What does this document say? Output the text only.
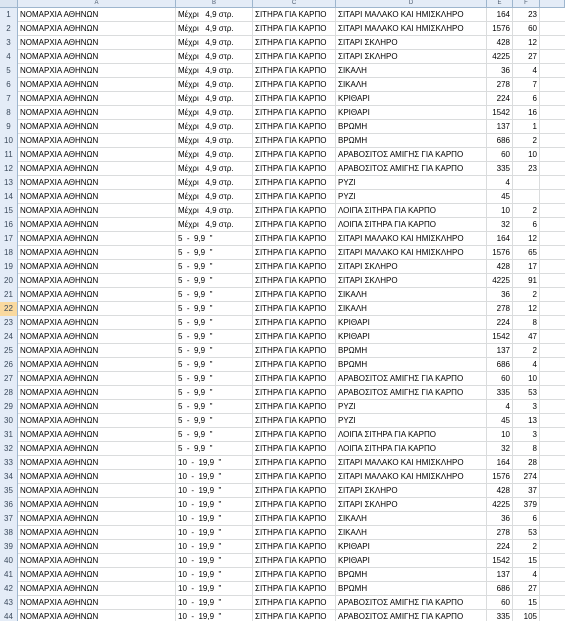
A	B	C	D	E	F
1	ΝΟΜΑΡΧΙΑ ΑΘΗΝΩΝ	Μέχρι   4,9 στρ.	ΣΙΤΗΡΑ ΓΙΑ ΚΑΡΠΟ	ΣΙΤΑΡΙ ΜΑΛΑΚΟ ΚΑΙ ΗΜΙΣΚΛΗΡΟ	164	23
2	ΝΟΜΑΡΧΙΑ ΑΘΗΝΩΝ	Μέχρι   4,9 στρ.	ΣΙΤΗΡΑ ΓΙΑ ΚΑΡΠΟ	ΣΙΤΑΡΙ ΜΑΛΑΚΟ ΚΑΙ ΗΜΙΣΚΛΗΡΟ	1576	60
3	ΝΟΜΑΡΧΙΑ ΑΘΗΝΩΝ	Μέχρι   4,9 στρ.	ΣΙΤΗΡΑ ΓΙΑ ΚΑΡΠΟ	ΣΙΤΑΡΙ ΣΚΛΗΡΟ	428	12
4	ΝΟΜΑΡΧΙΑ ΑΘΗΝΩΝ	Μέχρι   4,9 στρ.	ΣΙΤΗΡΑ ΓΙΑ ΚΑΡΠΟ	ΣΙΤΑΡΙ ΣΚΛΗΡΟ	4225	27
5	ΝΟΜΑΡΧΙΑ ΑΘΗΝΩΝ	Μέχρι   4,9 στρ.	ΣΙΤΗΡΑ ΓΙΑ ΚΑΡΠΟ	ΣΙΚΑΛΗ	36	4
6	ΝΟΜΑΡΧΙΑ ΑΘΗΝΩΝ	Μέχρι   4,9 στρ.	ΣΙΤΗΡΑ ΓΙΑ ΚΑΡΠΟ	ΣΙΚΑΛΗ	278	7
7	ΝΟΜΑΡΧΙΑ ΑΘΗΝΩΝ	Μέχρι   4,9 στρ.	ΣΙΤΗΡΑ ΓΙΑ ΚΑΡΠΟ	ΚΡΙΘΑΡΙ	224	6
8	ΝΟΜΑΡΧΙΑ ΑΘΗΝΩΝ	Μέχρι   4,9 στρ.	ΣΙΤΗΡΑ ΓΙΑ ΚΑΡΠΟ	ΚΡΙΘΑΡΙ	1542	16
9	ΝΟΜΑΡΧΙΑ ΑΘΗΝΩΝ	Μέχρι   4,9 στρ.	ΣΙΤΗΡΑ ΓΙΑ ΚΑΡΠΟ	ΒΡΩΜΗ	137	1
10 ΝΟΜΑΡΧΙΑ ΑΘΗΝΩΝ	Μέχρι   4,9 στρ.	ΣΙΤΗΡΑ ΓΙΑ ΚΑΡΠΟ	ΒΡΩΜΗ	686	2
11 ΝΟΜΑΡΧΙΑ ΑΘΗΝΩΝ	Μέχρι   4,9 στρ.	ΣΙΤΗΡΑ ΓΙΑ ΚΑΡΠΟ	ΑΡΑΒΟΣΙΤΟΣ ΑΜΙΓΗΣ ΓΙΑ ΚΑΡΠΟ	60	10
12 ΝΟΜΑΡΧΙΑ ΑΘΗΝΩΝ	Μέχρι   4,9 στρ.	ΣΙΤΗΡΑ ΓΙΑ ΚΑΡΠΟ	ΑΡΑΒΟΣΙΤΟΣ ΑΜΙΓΗΣ ΓΙΑ ΚΑΡΠΟ	335	23
13 ΝΟΜΑΡΧΙΑ ΑΘΗΝΩΝ	Μέχρι   4,9 στρ.	ΣΙΤΗΡΑ ΓΙΑ ΚΑΡΠΟ	ΡΥΖΙ	4
14 ΝΟΜΑΡΧΙΑ ΑΘΗΝΩΝ	Μέχρι   4,9 στρ.	ΣΙΤΗΡΑ ΓΙΑ ΚΑΡΠΟ	ΡΥΖΙ	45
15 ΝΟΜΑΡΧΙΑ ΑΘΗΝΩΝ	Μέχρι   4,9 στρ.	ΣΙΤΗΡΑ ΓΙΑ ΚΑΡΠΟ	ΛΟΙΠΑ ΣΙΤΗΡΑ ΓΙΑ ΚΑΡΠΟ	10	2
16 ΝΟΜΑΡΧΙΑ ΑΘΗΝΩΝ	Μέχρι   4,9 στρ.	ΣΙΤΗΡΑ ΓΙΑ ΚΑΡΠΟ	ΛΟΙΠΑ ΣΙΤΗΡΑ ΓΙΑ ΚΑΡΠΟ	32	6
17 ΝΟΜΑΡΧΙΑ ΑΘΗΝΩΝ	5  -  9,9  "	ΣΙΤΗΡΑ ΓΙΑ ΚΑΡΠΟ	ΣΙΤΑΡΙ ΜΑΛΑΚΟ ΚΑΙ ΗΜΙΣΚΛΗΡΟ	164	12
18 ΝΟΜΑΡΧΙΑ ΑΘΗΝΩΝ	5  -  9,9  "	ΣΙΤΗΡΑ ΓΙΑ ΚΑΡΠΟ	ΣΙΤΑΡΙ ΜΑΛΑΚΟ ΚΑΙ ΗΜΙΣΚΛΗΡΟ	1576	65
19 ΝΟΜΑΡΧΙΑ ΑΘΗΝΩΝ	5  -  9,9  "	ΣΙΤΗΡΑ ΓΙΑ ΚΑΡΠΟ	ΣΙΤΑΡΙ ΣΚΛΗΡΟ	428	17
20 ΝΟΜΑΡΧΙΑ ΑΘΗΝΩΝ	5  -  9,9  "	ΣΙΤΗΡΑ ΓΙΑ ΚΑΡΠΟ	ΣΙΤΑΡΙ ΣΚΛΗΡΟ	4225	91
21 ΝΟΜΑΡΧΙΑ ΑΘΗΝΩΝ	5  -  9,9  "	ΣΙΤΗΡΑ ΓΙΑ ΚΑΡΠΟ	ΣΙΚΑΛΗ	36	2
22 ΝΟΜΑΡΧΙΑ ΑΘΗΝΩΝ	5  -  9,9  "	ΣΙΤΗΡΑ ΓΙΑ ΚΑΡΠΟ	ΣΙΚΑΛΗ	278	12
23 ΝΟΜΑΡΧΙΑ ΑΘΗΝΩΝ	5  -  9,9  "	ΣΙΤΗΡΑ ΓΙΑ ΚΑΡΠΟ	ΚΡΙΘΑΡΙ	224	8
24 ΝΟΜΑΡΧΙΑ ΑΘΗΝΩΝ	5  -  9,9  "	ΣΙΤΗΡΑ ΓΙΑ ΚΑΡΠΟ	ΚΡΙΘΑΡΙ	1542	47
25 ΝΟΜΑΡΧΙΑ ΑΘΗΝΩΝ	5  -  9,9  "	ΣΙΤΗΡΑ ΓΙΑ ΚΑΡΠΟ	ΒΡΩΜΗ	137	2
26 ΝΟΜΑΡΧΙΑ ΑΘΗΝΩΝ	5  -  9,9  "	ΣΙΤΗΡΑ ΓΙΑ ΚΑΡΠΟ	ΒΡΩΜΗ	686	4
27 ΝΟΜΑΡΧΙΑ ΑΘΗΝΩΝ	5  -  9,9  "	ΣΙΤΗΡΑ ΓΙΑ ΚΑΡΠΟ	ΑΡΑΒΟΣΙΤΟΣ ΑΜΙΓΗΣ ΓΙΑ ΚΑΡΠΟ	60	10
28 ΝΟΜΑΡΧΙΑ ΑΘΗΝΩΝ	5  -  9,9  "	ΣΙΤΗΡΑ ΓΙΑ ΚΑΡΠΟ	ΑΡΑΒΟΣΙΤΟΣ ΑΜΙΓΗΣ ΓΙΑ ΚΑΡΠΟ	335	53
29 ΝΟΜΑΡΧΙΑ ΑΘΗΝΩΝ	5  -  9,9  "	ΣΙΤΗΡΑ ΓΙΑ ΚΑΡΠΟ	ΡΥΖΙ	4	3
30 ΝΟΜΑΡΧΙΑ ΑΘΗΝΩΝ	5  -  9,9  "	ΣΙΤΗΡΑ ΓΙΑ ΚΑΡΠΟ	ΡΥΖΙ	45	13
31 ΝΟΜΑΡΧΙΑ ΑΘΗΝΩΝ	5  -  9,9  "	ΣΙΤΗΡΑ ΓΙΑ ΚΑΡΠΟ	ΛΟΙΠΑ ΣΙΤΗΡΑ ΓΙΑ ΚΑΡΠΟ	10	3
32 ΝΟΜΑΡΧΙΑ ΑΘΗΝΩΝ	5  -  9,9  "	ΣΙΤΗΡΑ ΓΙΑ ΚΑΡΠΟ	ΛΟΙΠΑ ΣΙΤΗΡΑ ΓΙΑ ΚΑΡΠΟ	32	8
33 ΝΟΜΑΡΧΙΑ ΑΘΗΝΩΝ	10  -  19,9  "	ΣΙΤΗΡΑ ΓΙΑ ΚΑΡΠΟ	ΣΙΤΑΡΙ ΜΑΛΑΚΟ ΚΑΙ ΗΜΙΣΚΛΗΡΟ	164	28
34 ΝΟΜΑΡΧΙΑ ΑΘΗΝΩΝ	10  -  19,9  "	ΣΙΤΗΡΑ ΓΙΑ ΚΑΡΠΟ	ΣΙΤΑΡΙ ΜΑΛΑΚΟ ΚΑΙ ΗΜΙΣΚΛΗΡΟ	1576	274
35 ΝΟΜΑΡΧΙΑ ΑΘΗΝΩΝ	10  -  19,9  "	ΣΙΤΗΡΑ ΓΙΑ ΚΑΡΠΟ	ΣΙΤΑΡΙ ΣΚΛΗΡΟ	428	37
36 ΝΟΜΑΡΧΙΑ ΑΘΗΝΩΝ	10  -  19,9  "	ΣΙΤΗΡΑ ΓΙΑ ΚΑΡΠΟ	ΣΙΤΑΡΙ ΣΚΛΗΡΟ	4225	379
37 ΝΟΜΑΡΧΙΑ ΑΘΗΝΩΝ	10  -  19,9  "	ΣΙΤΗΡΑ ΓΙΑ ΚΑΡΠΟ	ΣΙΚΑΛΗ	36	6
38 ΝΟΜΑΡΧΙΑ ΑΘΗΝΩΝ	10  -  19,9  "	ΣΙΤΗΡΑ ΓΙΑ ΚΑΡΠΟ	ΣΙΚΑΛΗ	278	53
39 ΝΟΜΑΡΧΙΑ ΑΘΗΝΩΝ	10  -  19,9  "	ΣΙΤΗΡΑ ΓΙΑ ΚΑΡΠΟ	ΚΡΙΘΑΡΙ	224	2
40 ΝΟΜΑΡΧΙΑ ΑΘΗΝΩΝ	10  -  19,9  "	ΣΙΤΗΡΑ ΓΙΑ ΚΑΡΠΟ	ΚΡΙΘΑΡΙ	1542	15
41 ΝΟΜΑΡΧΙΑ ΑΘΗΝΩΝ	10  -  19,9  "	ΣΙΤΗΡΑ ΓΙΑ ΚΑΡΠΟ	ΒΡΩΜΗ	137	4
42 ΝΟΜΑΡΧΙΑ ΑΘΗΝΩΝ	10  -  19,9  "	ΣΙΤΗΡΑ ΓΙΑ ΚΑΡΠΟ	ΒΡΩΜΗ	686	27
43 ΝΟΜΑΡΧΙΑ ΑΘΗΝΩΝ	10  -  19,9  "	ΣΙΤΗΡΑ ΓΙΑ ΚΑΡΠΟ	ΑΡΑΒΟΣΙΤΟΣ ΑΜΙΓΗΣ ΓΙΑ ΚΑΡΠΟ	60	15
44 ΝΟΜΑΡΧΙΑ ΑΘΗΝΩΝ	10  -  19,9  "	ΣΙΤΗΡΑ ΓΙΑ ΚΑΡΠΟ	ΑΡΑΒΟΣΙΤΟΣ ΑΜΙΓΗΣ ΓΙΑ ΚΑΡΠΟ	335	105
